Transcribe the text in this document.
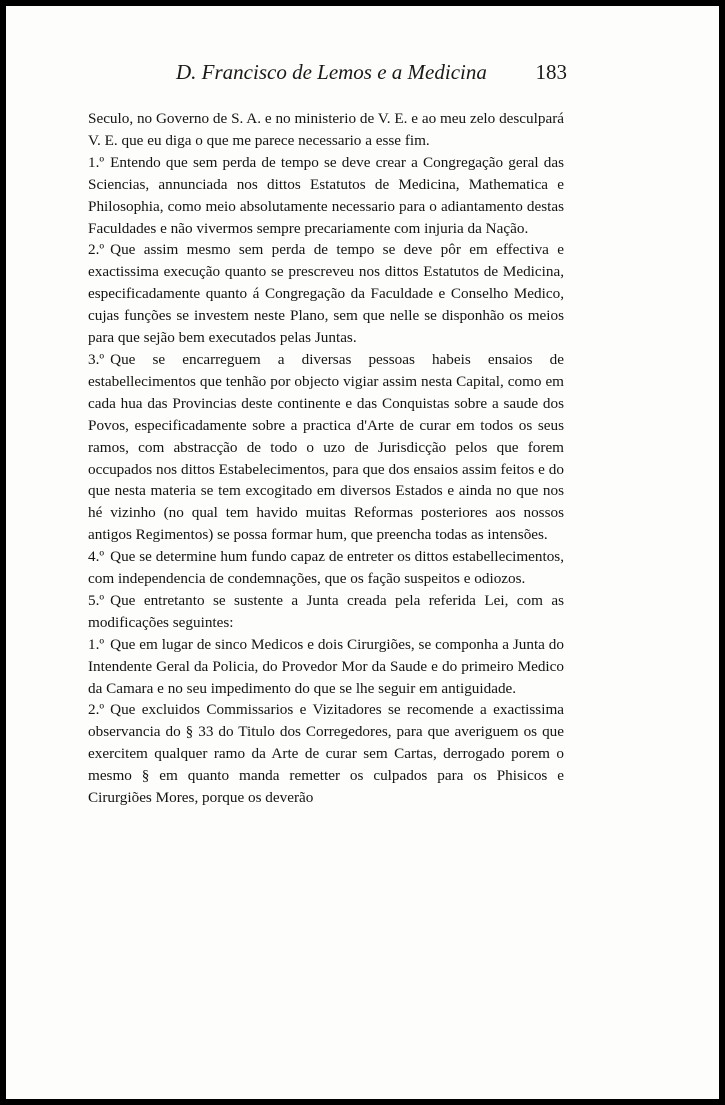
D. Francisco de Lemos e a Medicina 183

Seculo, no Governo de S. A. e no ministerio de V. E. e ao meu zelo desculpará V. E. que eu diga o que me parece necessario a esse fim.

1.º Entendo que sem perda de tempo se deve crear a Congregação geral das Sciencias, annunciada nos dittos Estatutos de Medicina, Mathematica e Philosophia, como meio absolutamente necessario para o adiantamento destas Faculdades e não vivermos sempre precariamente com injuria da Nação.

2.º Que assim mesmo sem perda de tempo se deve pôr em effectiva e exactissima execução quanto se prescreveu nos dittos Estatutos de Medicina, especificadamente quanto á Congregação da Faculdade e Conselho Medico, cujas funções se investem neste Plano, sem que nelle se disponhão os meios para que sejão bem executados pelas Juntas.

3.º Que se encarreguem a diversas pessoas habeis ensaios de estabellecimentos que tenhão por objecto vigiar assim nesta Capital, como em cada hua das Provincias deste continente e das Conquistas sobre a saude dos Povos, especificadamente sobre a practica d'Arte de curar em todos os seus ramos, com abstracção de todo o uzo de Jurisdicção pelos que forem occupados nos dittos Estabelecimentos, para que dos ensaios assim feitos e do que nesta materia se tem excogitado em diversos Estados e ainda no que nos hé vizinho (no qual tem havido muitas Reformas posteriores aos nossos antigos Regimentos) se possa formar hum, que preencha todas as intensões.

4.º Que se determine hum fundo capaz de entreter os dittos estabellecimentos, com independencia de condemnações, que os fação suspeitos e odiozos.

5.º Que entretanto se sustente a Junta creada pela referida Lei, com as modificações seguintes:

1.º Que em lugar de sinco Medicos e dois Cirurgiões, se componha a Junta do Intendente Geral da Policia, do Provedor Mor da Saude e do primeiro Medico da Camara e no seu impedimento do que se lhe seguir em antiguidade.

2.º Que excluidos Commissarios e Vizitadores se recomende a exactissima observancia do § 33 do Titulo dos Corregedores, para que averiguem os que exercitem qualquer ramo da Arte de curar sem Cartas, derrogado porem o mesmo § em quanto manda remetter os culpados para os Phisicos e Cirurgiões Mores, porque os deverão
